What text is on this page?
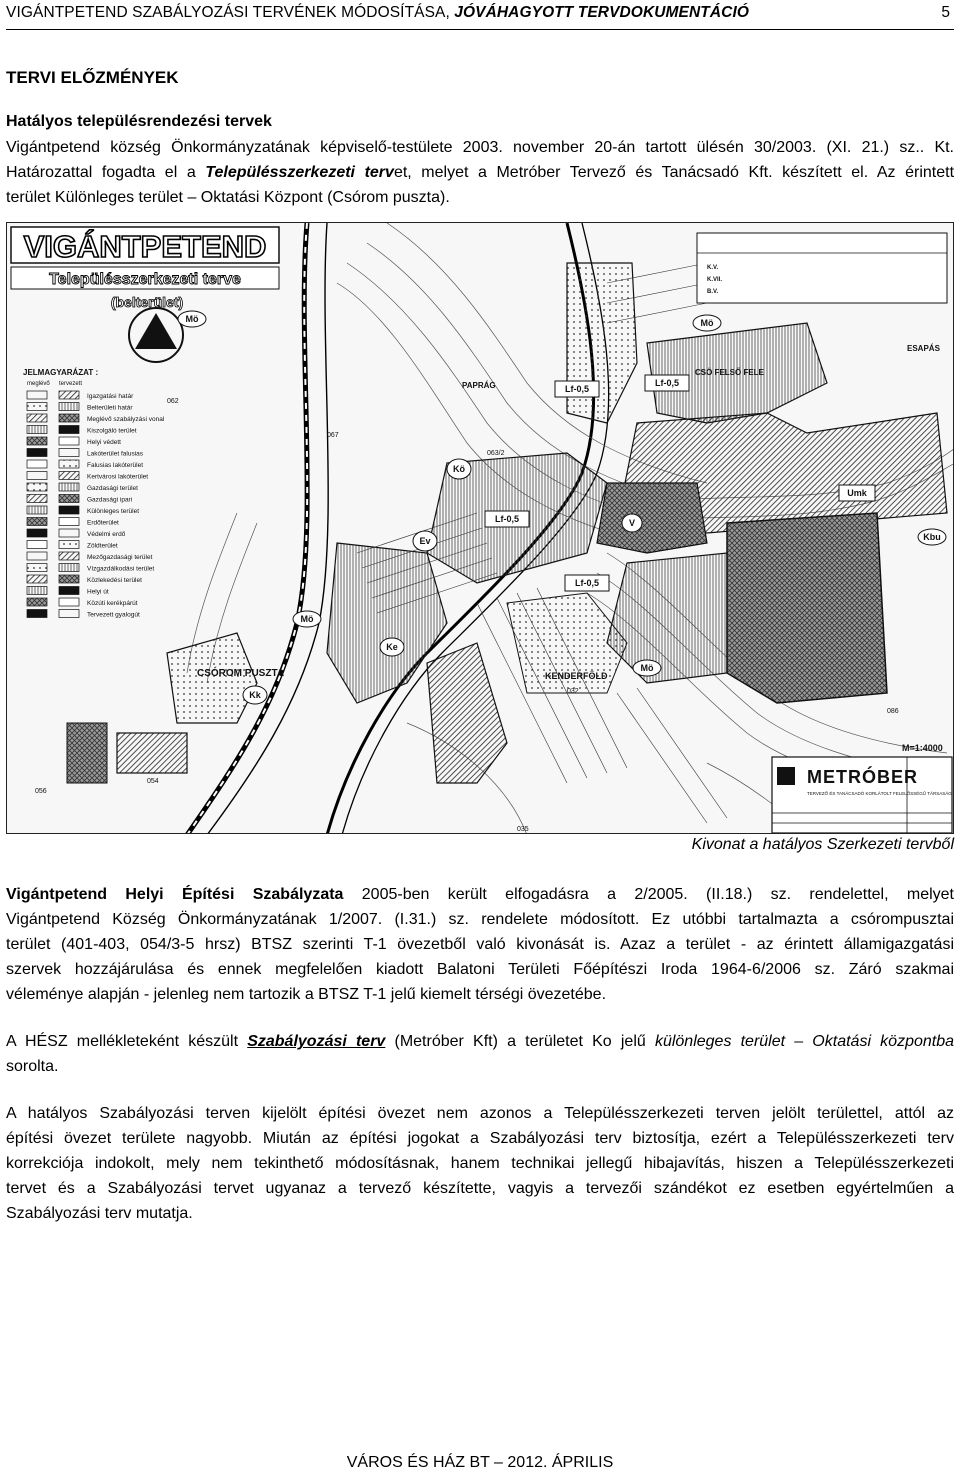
VIGÁNTPETEND SZABÁLYOZÁSI TERVÉNEK MÓDOSÍTÁSA, JÓVÁHAGYOTT TERVDOKUMENTÁCIÓ	5
TERVI ELŐZMÉNYEK
Hatályos településrendezési tervek
Vigántpetend község Önkormányzatának képviselő-testülete 2003. november 20-án tartott ülésén 30/2003. (XI. 21.) sz.. Kt.
Határozattal fogadta el a Településszerkezeti tervet, melyet a Metróber Tervező és Tanácsadó Kft. készített el. Az érintett
terület Különleges terület – Oktatási Központ (Csórom puszta).
VIGÁNTPETEND
Településszerkezeti terve
(belterület)
JELMAGYARÁZAT :
meglévő tervezett
Igazgatási határ
Belterületi határ
Meglévő szabályzási vonal
Kiszolgáló terület
Helyi védett
Lakóterület falusias
Falusias lakóterület
Kertvárosi lakóterület
Gazdasági terület
Gazdasági ipari
Különleges terület
Erdőterület
Védelmi erdő
Zöldterület
Mezőgazdasági terület
Vízgazdálkodási terület
Közlekedési terület
Helyi út
Közúti kerékpárút
Tervezett gyalogút
K.V.
K.VII.
B.V.
Mö	Mö
Mö
Mö
Kö
Ev
Lf-0,5
Lf-0,5
Lf-0,5
Lf-0,5
Umk
Kbu
Ke
Kk
V
CSÓROM PUSZTA	KENDERFÖLD
PAPRÁG
CSÖ FELSŐ FELE
ESAPÁS
062
067
063/2
056
054
035
032
086
M=1:4000
METRÓBER
TERVEZŐ ÉS TANÁCSADÓ KORLÁTOLT FELELŐSSÉGŰ TÁRSASÁG
Kivonat a hatályos Szerkezeti tervből
Vigántpetend Helyi Építési Szabályzata 2005-ben került elfogadásra a 2/2005. (II.18.) sz. rendelettel, melyet
Vigántpetend Község Önkormányzatának 1/2007. (I.31.) sz. rendelete módosított. Ez utóbbi tartalmazta a csórompusztai
terület (401-403, 054/3-5 hrsz) BTSZ szerinti T-1 övezetből való kivonását is. Azaz a terület - az érintett államigazgatási
szervek hozzájárulása és ennek megfelelően kiadott Balatoni Területi Főépítészi Iroda 1964-6/2006 sz. Záró szakmai
véleménye alapján - jelenleg nem tartozik a BTSZ T-1 jelű kiemelt térségi övezetébe.
A HÉSZ mellékleteként készült Szabályozási terv (Metróber Kft) a területet Ko jelű különleges terület – Oktatási központba
sorolta.
A hatályos Szabályozási terven kijelölt építési övezet nem azonos a Településszerkezeti terven jelölt területtel, attól az
építési övezet területe nagyobb. Miután az építési jogokat a Szabályozási terv biztosítja, ezért a Településszerkezeti terv
korrekciója indokolt, mely nem tekinthető módosításnak, hanem technikai jellegű hibajavítás, hiszen a Településszerkezeti
tervet és a Szabályozási tervet ugyanaz a tervező készítette, vagyis a tervezői szándékot ez esetben egyértelműen a
Szabályozási terv mutatja.
VÁROS ÉS HÁZ BT – 2012. ÁPRILIS
